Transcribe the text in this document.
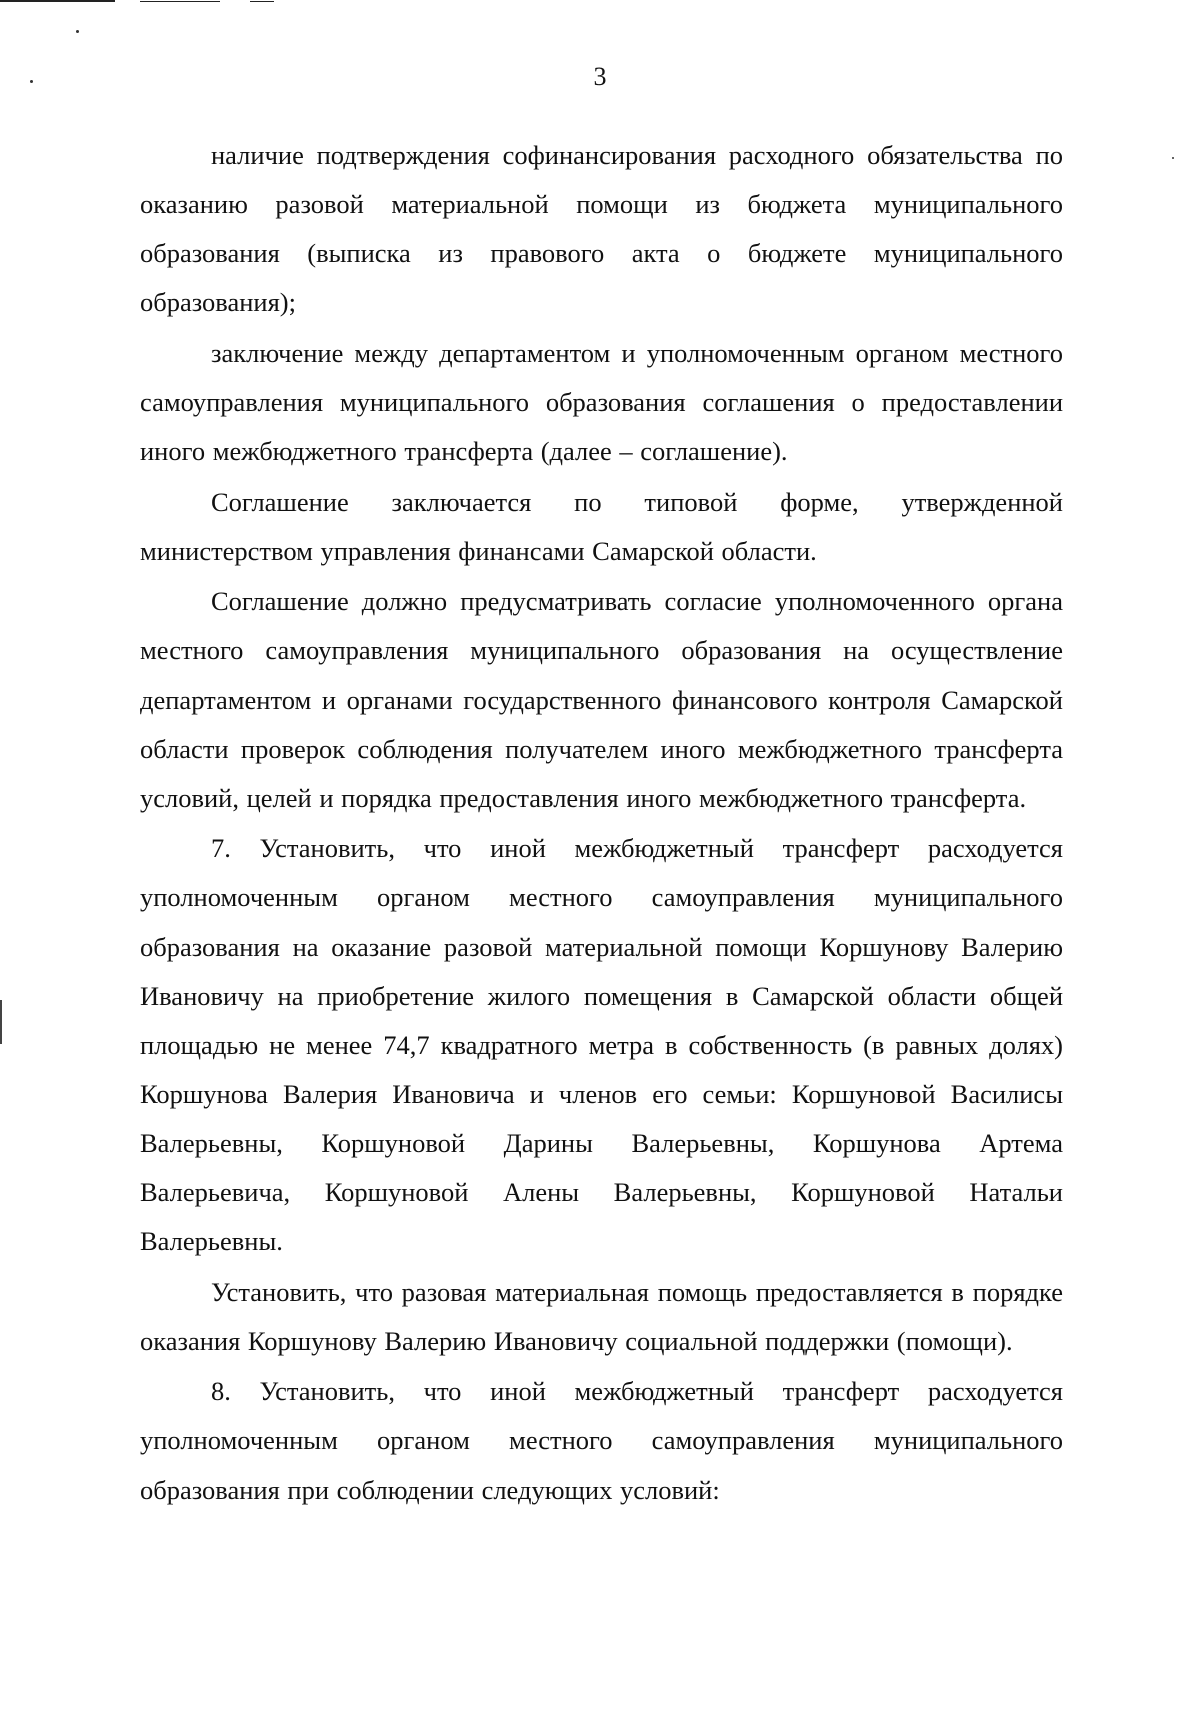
3

наличие подтверждения софинансирования расходного обязательства по оказанию разовой материальной помощи из бюджета муниципального образования (выписка из правового акта о бюджете муниципального образования);

заключение между департаментом и уполномоченным органом местного самоуправления муниципального образования соглашения о предоставлении иного межбюджетного трансферта (далее – соглашение).

Соглашение заключается по типовой форме, утвержденной министерством управления финансами Самарской области.

Соглашение должно предусматривать согласие уполномоченного органа местного самоуправления муниципального образования на осуществление департаментом и органами государственного финансового контроля Самарской области проверок соблюдения получателем иного межбюджетного трансферта условий, целей и порядка предоставления иного межбюджетного трансферта.

7. Установить, что иной межбюджетный трансферт расходуется уполномоченным органом местного самоуправления муниципального образования на оказание разовой материальной помощи Коршунову Валерию Ивановичу на приобретение жилого помещения в Самарской области общей площадью не менее 74,7 квадратного метра в собственность (в равных долях) Коршунова Валерия Ивановича и членов его семьи: Коршуновой Василисы Валерьевны, Коршуновой Дарины Валерьевны, Коршунова Артема Валерьевича, Коршуновой Алены Валерьевны, Коршуновой Натальи Валерьевны.

Установить, что разовая материальная помощь предоставляется в порядке оказания Коршунову Валерию Ивановичу социальной поддержки (помощи).

8. Установить, что иной межбюджетный трансферт расходуется уполномоченным органом местного самоуправления муниципального образования при соблюдении следующих условий:
